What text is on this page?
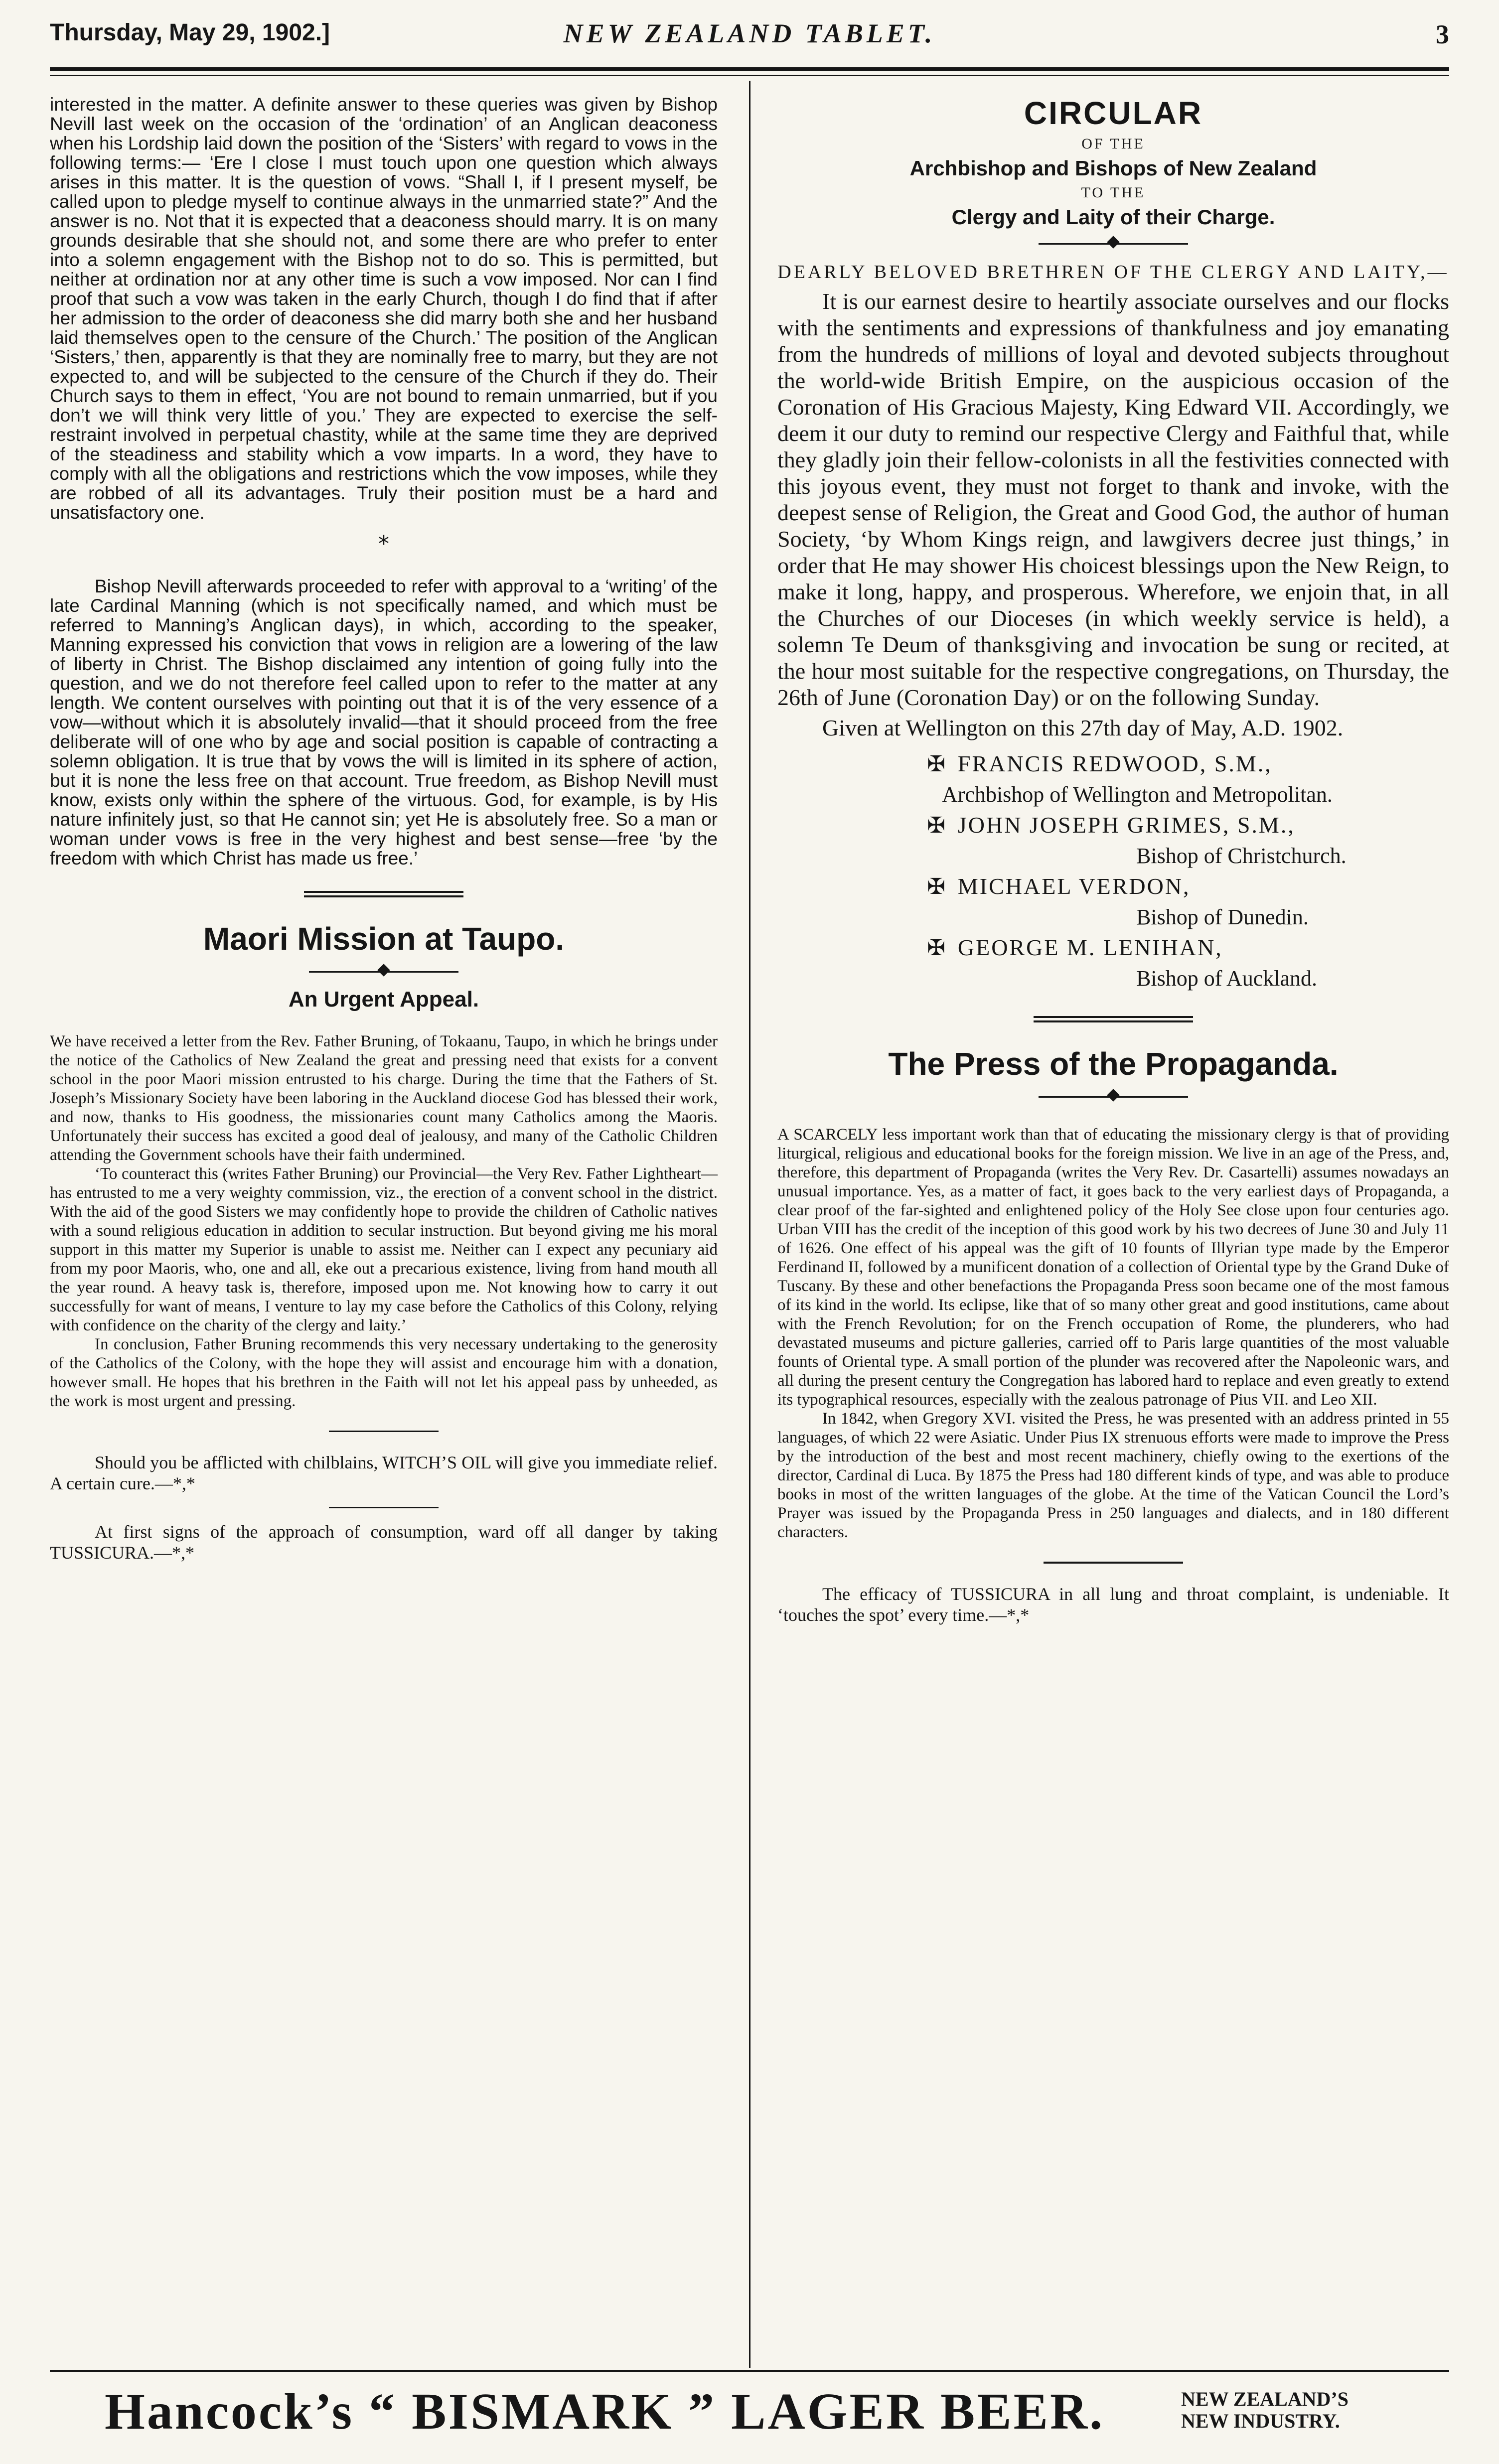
Thursday, May 29, 1902.]	NEW ZEALAND TABLET.	3

interested in the matter. A definite answer to these queries was given by Bishop Nevill last week on the occasion of the ‘ordination’ of an Anglican deaconess when his Lordship laid down the position of the ‘Sisters’ with regard to vows in the following terms:— ‘Ere I close I must touch upon one question which always arises in this matter. It is the question of vows. “Shall I, if I present myself, be called upon to pledge myself to continue always in the unmarried state?” And the answer is no. Not that it is expected that a deaconess should marry. It is on many grounds desirable that she should not, and some there are who prefer to enter into a solemn engagement with the Bishop not to do so. This is permitted, but neither at ordination nor at any other time is such a vow imposed. Nor can I find proof that such a vow was taken in the early Church, though I do find that if after her admission to the order of deaconess she did marry both she and her husband laid themselves open to the censure of the Church.’ The position of the Anglican ‘Sisters,’ then, apparently is that they are nominally free to marry, but they are not expected to, and will be subjected to the censure of the Church if they do. Their Church says to them in effect, ‘You are not bound to remain unmarried, but if you don’t we will think very little of you.’ They are expected to exercise the self-restraint involved in perpetual chastity, while at the same time they are deprived of the steadiness and stability which a vow imparts. In a word, they have to comply with all the obligations and restrictions which the vow imposes, while they are robbed of all its advantages. Truly their position must be a hard and unsatisfactory one.

*

Bishop Nevill afterwards proceeded to refer with approval to a ‘writing’ of the late Cardinal Manning (which is not specifically named, and which must be referred to Manning’s Anglican days), in which, according to the speaker, Manning expressed his conviction that vows in religion are a lowering of the law of liberty in Christ. The Bishop disclaimed any intention of going fully into the question, and we do not therefore feel called upon to refer to the matter at any length. We content ourselves with pointing out that it is of the very essence of a vow—without which it is absolutely invalid—that it should proceed from the free deliberate will of one who by age and social position is capable of contracting a solemn obligation. It is true that by vows the will is limited in its sphere of action, but it is none the less free on that account. True freedom, as Bishop Nevill must know, exists only within the sphere of the virtuous. God, for example, is by His nature infinitely just, so that He cannot sin; yet He is absolutely free. So a man or woman under vows is free in the very highest and best sense—free ‘by the freedom with which Christ has made us free.’

Maori Mission at Taupo.
An Urgent Appeal.

We have received a letter from the Rev. Father Bruning, of Tokaanu, Taupo, in which he brings under the notice of the Catholics of New Zealand the great and pressing need that exists for a convent school in the poor Maori mission entrusted to his charge. During the time that the Fathers of St. Joseph’s Missionary Society have been laboring in the Auckland diocese God has blessed their work, and now, thanks to His goodness, the missionaries count many Catholics among the Maoris. Unfortunately their success has excited a good deal of jealousy, and many of the Catholic Children attending the Government schools have their faith undermined.

‘To counteract this (writes Father Bruning) our Provincial—the Very Rev. Father Lightheart—has entrusted to me a very weighty commission, viz., the erection of a convent school in the district. With the aid of the good Sisters we may confidently hope to provide the children of Catholic natives with a sound religious education in addition to secular instruction. But beyond giving me his moral support in this matter my Superior is unable to assist me. Neither can I expect any pecuniary aid from my poor Maoris, who, one and all, eke out a precarious existence, living from hand mouth all the year round. A heavy task is, therefore, imposed upon me. Not knowing how to carry it out successfully for want of means, I venture to lay my case before the Catholics of this Colony, relying with confidence on the charity of the clergy and laity.’

In conclusion, Father Bruning recommends this very necessary undertaking to the generosity of the Catholics of the Colony, with the hope they will assist and encourage him with a donation, however small. He hopes that his brethren in the Faith will not let his appeal pass by unheeded, as the work is most urgent and pressing.

Should you be afflicted with chilblains, WITCH’S OIL will give you immediate relief. A certain cure.—*,*

At first signs of the approach of consumption, ward off all danger by taking TUSSICURA.—*,*

CIRCULAR
OF THE
Archbishop and Bishops of New Zealand
TO THE
Clergy and Laity of their Charge.
DEARLY BELOVED BRETHREN OF THE CLERGY AND LAITY,—

It is our earnest desire to heartily associate ourselves and our flocks with the sentiments and expressions of thankfulness and joy emanating from the hundreds of millions of loyal and devoted subjects throughout the world-wide British Empire, on the auspicious occasion of the Coronation of His Gracious Majesty, King Edward VII. Accordingly, we deem it our duty to remind our respective Clergy and Faithful that, while they gladly join their fellow-colonists in all the festivities connected with this joyous event, they must not forget to thank and invoke, with the deepest sense of Religion, the Great and Good God, the author of human Society, ‘by Whom Kings reign, and lawgivers decree just things,’ in order that He may shower His choicest blessings upon the New Reign, to make it long, happy, and prosperous. Wherefore, we enjoin that, in all the Churches of our Dioceses (in which weekly service is held), a solemn Te Deum of thanksgiving and invocation be sung or recited, at the hour most suitable for the respective congregations, on Thursday, the 26th of June (Coronation Day) or on the following Sunday.

Given at Wellington on this 27th day of May, A.D. 1902.

✠ FRANCIS REDWOOD, S.M.,

Archbishop of Wellington and Metropolitan.

✠ JOHN JOSEPH GRIMES, S.M.,

Bishop of Christchurch.

✠ MICHAEL VERDON,

Bishop of Dunedin.

✠ GEORGE M. LENIHAN,

Bishop of Auckland.

The Press of the Propaganda.

A SCARCELY less important work than that of educating the missionary clergy is that of providing liturgical, religious and educational books for the foreign mission. We live in an age of the Press, and, therefore, this department of Propaganda (writes the Very Rev. Dr. Casartelli) assumes nowadays an unusual importance. Yes, as a matter of fact, it goes back to the very earliest days of Propaganda, a clear proof of the far-sighted and enlightened policy of the Holy See close upon four centuries ago. Urban VIII has the credit of the inception of this good work by his two decrees of June 30 and July 11 of 1626. One effect of his appeal was the gift of 10 founts of Illyrian type made by the Emperor Ferdinand II, followed by a munificent donation of a collection of Oriental type by the Grand Duke of Tuscany. By these and other benefactions the Propaganda Press soon became one of the most famous of its kind in the world. Its eclipse, like that of so many other great and good institutions, came about with the French Revolution; for on the French occupation of Rome, the plunderers, who had devastated museums and picture galleries, carried off to Paris large quantities of the most valuable founts of Oriental type. A small portion of the plunder was recovered after the Napoleonic wars, and all during the present century the Congregation has labored hard to replace and even greatly to extend its typographical resources, especially with the zealous patronage of Pius VII. and Leo XII.

In 1842, when Gregory XVI. visited the Press, he was presented with an address printed in 55 languages, of which 22 were Asiatic. Under Pius IX strenuous efforts were made to improve the Press by the introduction of the best and most recent machinery, chiefly owing to the exertions of the director, Cardinal di Luca. By 1875 the Press had 180 different kinds of type, and was able to produce books in most of the written languages of the globe. At the time of the Vatican Council the Lord’s Prayer was issued by the Propaganda Press in 250 languages and dialects, and in 180 different characters.

The efficacy of TUSSICURA in all lung and throat complaint, is undeniable. It ‘touches the spot’ every time.—*,*

Hancock’s “ BISMARK ” LAGER BEER.	NEW ZEALAND’S
NEW INDUSTRY.
